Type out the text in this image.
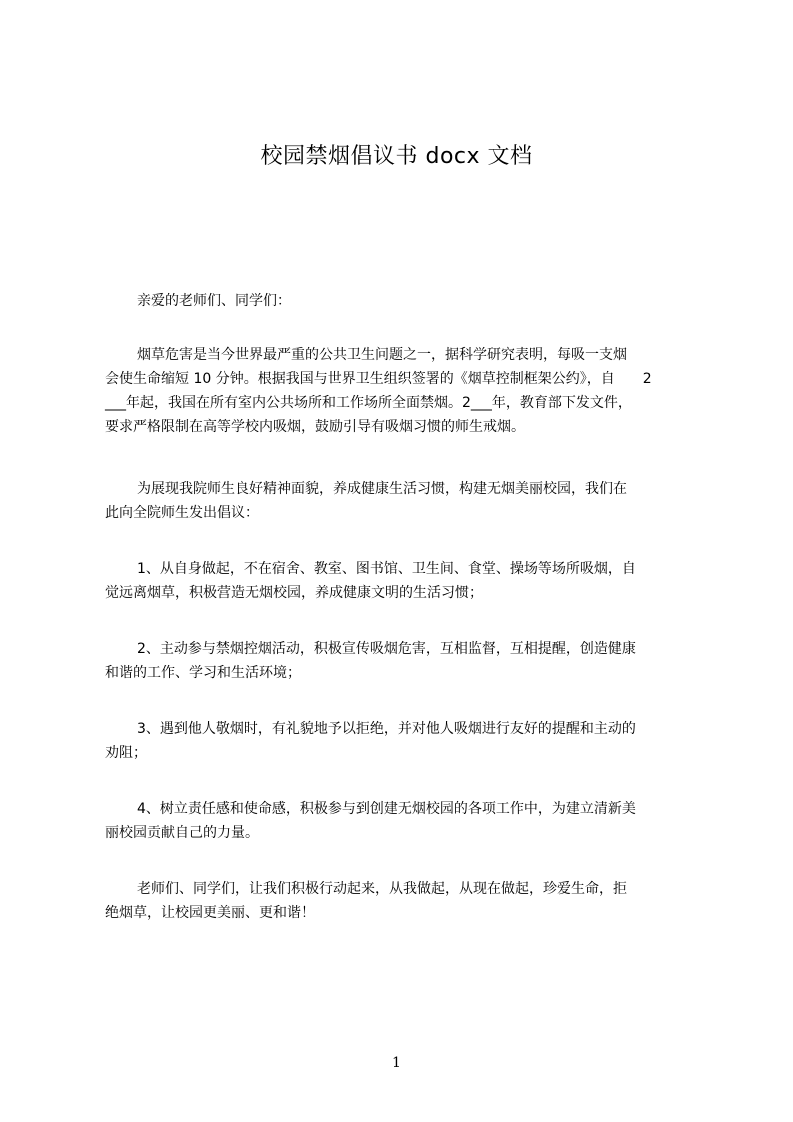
校园禁烟倡议书 docx 文档
亲爱的老师们、同学们：
烟草危害是当今世界最严重的公共卫生问题之一，据科学研究表明，每吸一支烟
会使生命缩短 10 分钟。根据我国与世界卫生组织签署的《烟草控制框架公约》，自　　2
___年起，我国在所有室内公共场所和工作场所全面禁烟。2___年，教育部下发文件，
要求严格限制在高等学校内吸烟，鼓励引导有吸烟习惯的师生戒烟。
为展现我院师生良好精神面貌，养成健康生活习惯，构建无烟美丽校园，我们在
此向全院师生发出倡议：
1、从自身做起，不在宿舍、教室、图书馆、卫生间、食堂、操场等场所吸烟，自
觉远离烟草，积极营造无烟校园，养成健康文明的生活习惯；
2、主动参与禁烟控烟活动，积极宣传吸烟危害，互相监督，互相提醒，创造健康
和谐的工作、学习和生活环境；
3、遇到他人敬烟时，有礼貌地予以拒绝，并对他人吸烟进行友好的提醒和主动的
劝阻；
4、树立责任感和使命感，积极参与到创建无烟校园的各项工作中，为建立清新美
丽校园贡献自己的力量。
老师们、同学们，让我们积极行动起来，从我做起，从现在做起，珍爱生命，拒
绝烟草，让校园更美丽、更和谐！
1
